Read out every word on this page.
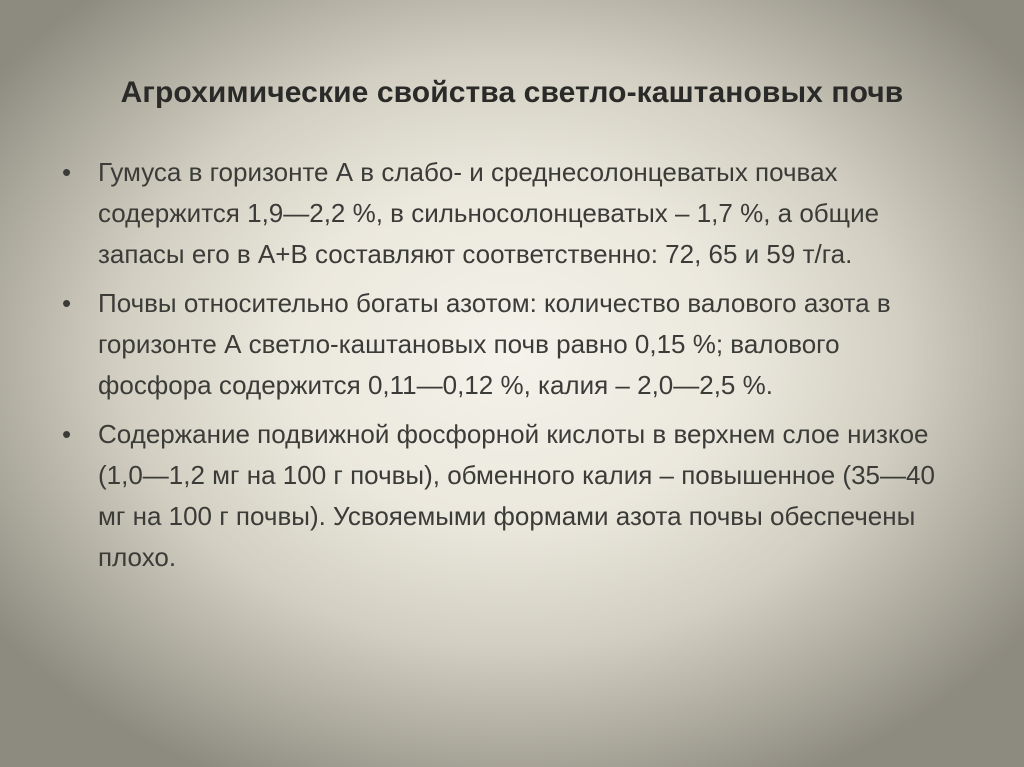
Агрохимические свойства светло-каштановых почв
• Гумуса в горизонте А в слабо- и среднесолонцеватых почвах содержится 1,9—2,2 %, в сильносолонцеватых – 1,7 %, а общие запасы его в А+В составляют соответственно: 72, 65 и 59 т/га.
• Почвы относительно богаты азотом: количество валового азота в горизонте А светло-каштановых почв равно 0,15 %; валового фосфора содержится 0,11—0,12 %, калия – 2,0—2,5 %.
• Содержание подвижной фосфорной кислоты в верхнем слое низкое (1,0—1,2 мг на 100 г почвы), обменного калия – повышенное (35—40 мг на 100 г почвы). Усвояемыми формами азота почвы обеспечены плохо.
